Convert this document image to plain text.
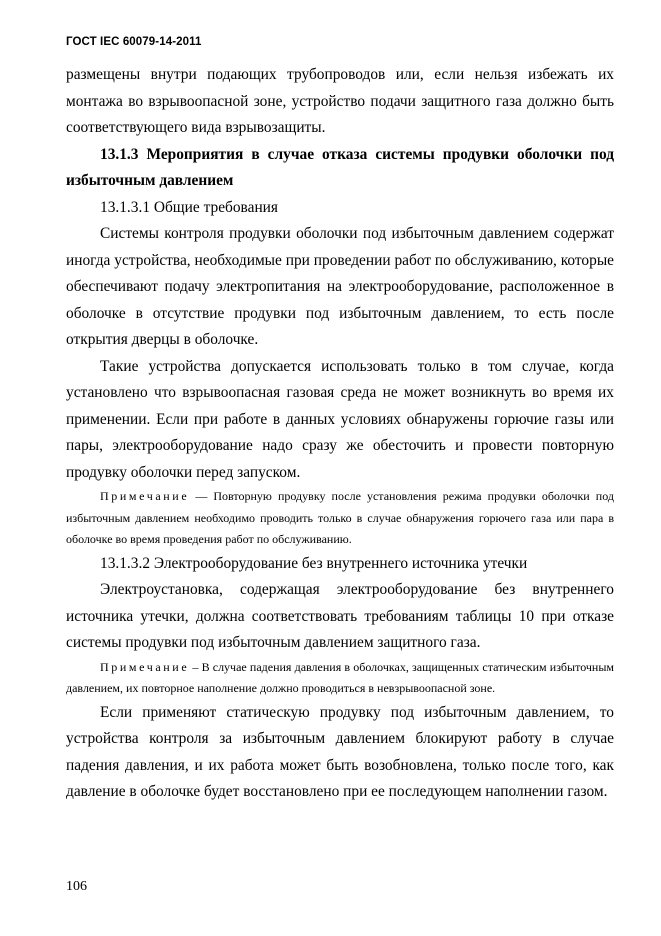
ГОСТ IEC 60079-14-2011

размещены внутри подающих трубопроводов или, если нельзя избежать их монтажа во взрывоопасной зоне, устройство подачи защитного газа должно быть соответствующего вида взрывозащиты.

13.1.3 Мероприятия в случае отказа системы продувки оболочки под избыточным давлением

13.1.3.1 Общие требования

Системы контроля продувки оболочки под избыточным давлением содержат иногда устройства, необходимые при проведении работ по обслуживанию, которые обеспечивают подачу электропитания на электрооборудование, расположенное в оболочке в отсутствие продувки под избыточным давлением, то есть после открытия дверцы в оболочке.

Такие устройства допускается использовать только в том случае, когда установлено что взрывоопасная газовая среда не может возникнуть во время их применении. Если при работе в данных условиях обнаружены горючие газы или пары, электрооборудование надо сразу же обесточить и провести повторную продувку оболочки перед запуском.

Примечание — Повторную продувку после установления режима продувки оболочки под избыточным давлением необходимо проводить только в случае обнаружения горючего газа или пара в оболочке во время проведения работ по обслуживанию.

13.1.3.2 Электрооборудование без внутреннего источника утечки

Электроустановка, содержащая электрооборудование без внутреннего источника утечки, должна соответствовать требованиям таблицы 10 при отказе системы продувки под избыточным давлением защитного газа.

Примечание – В случае падения давления в оболочках, защищенных статическим избыточным давлением, их повторное наполнение должно проводиться в невзрывоопасной зоне.

Если применяют статическую продувку под избыточным давлением, то устройства контроля за избыточным давлением блокируют работу в случае падения давления, и их работа может быть возобновлена, только после того, как давление в оболочке будет восстановлено при ее последующем наполнении газом.

106
